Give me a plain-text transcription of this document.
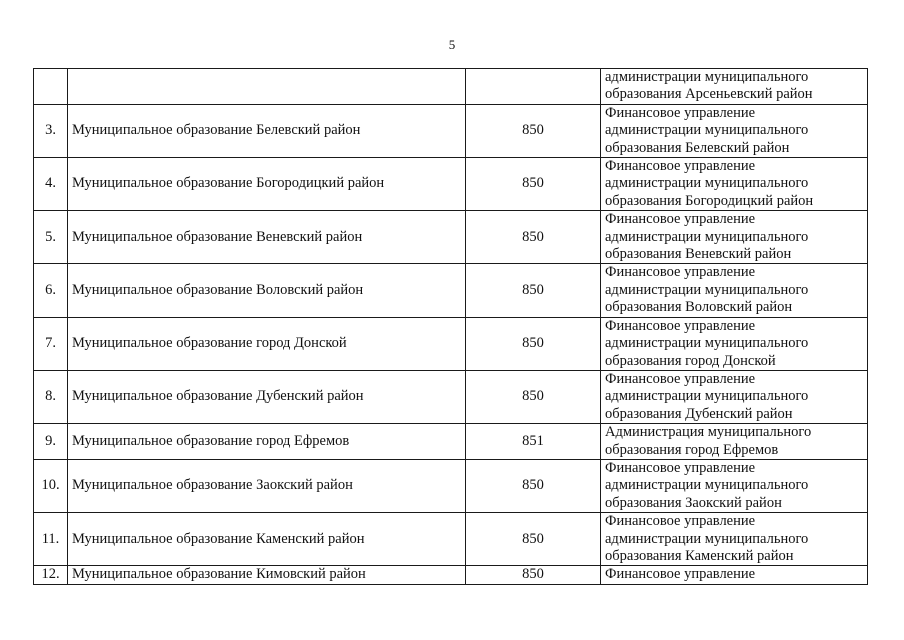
5

			администрации муниципального
образования Арсеньевский район

3.	Муниципальное образование Белевский район	850	Финансовое управление
администрации муниципального
образования Белевский район

4.	Муниципальное образование Богородицкий район	850	Финансовое управление
администрации муниципального
образования Богородицкий район

5.	Муниципальное образование Веневский район	850	Финансовое управление
администрации муниципального
образования Веневский район

6.	Муниципальное образование Воловский район	850	Финансовое управление
администрации муниципального
образования Воловский район

7.	Муниципальное образование город Донской	850	Финансовое управление
администрации муниципального
образования город Донской

8.	Муниципальное образование Дубенский район	850	Финансовое управление
администрации муниципального
образования Дубенский район

9.	Муниципальное образование город Ефремов	851	Администрация муниципального
образования город Ефремов

10.	Муниципальное образование Заокский район	850	Финансовое управление
администрации муниципального
образования Заокский район

11.	Муниципальное образование Каменский район	850	Финансовое управление
администрации муниципального
образования Каменский район

12.	Муниципальное образование Кимовский район	850	Финансовое управление
